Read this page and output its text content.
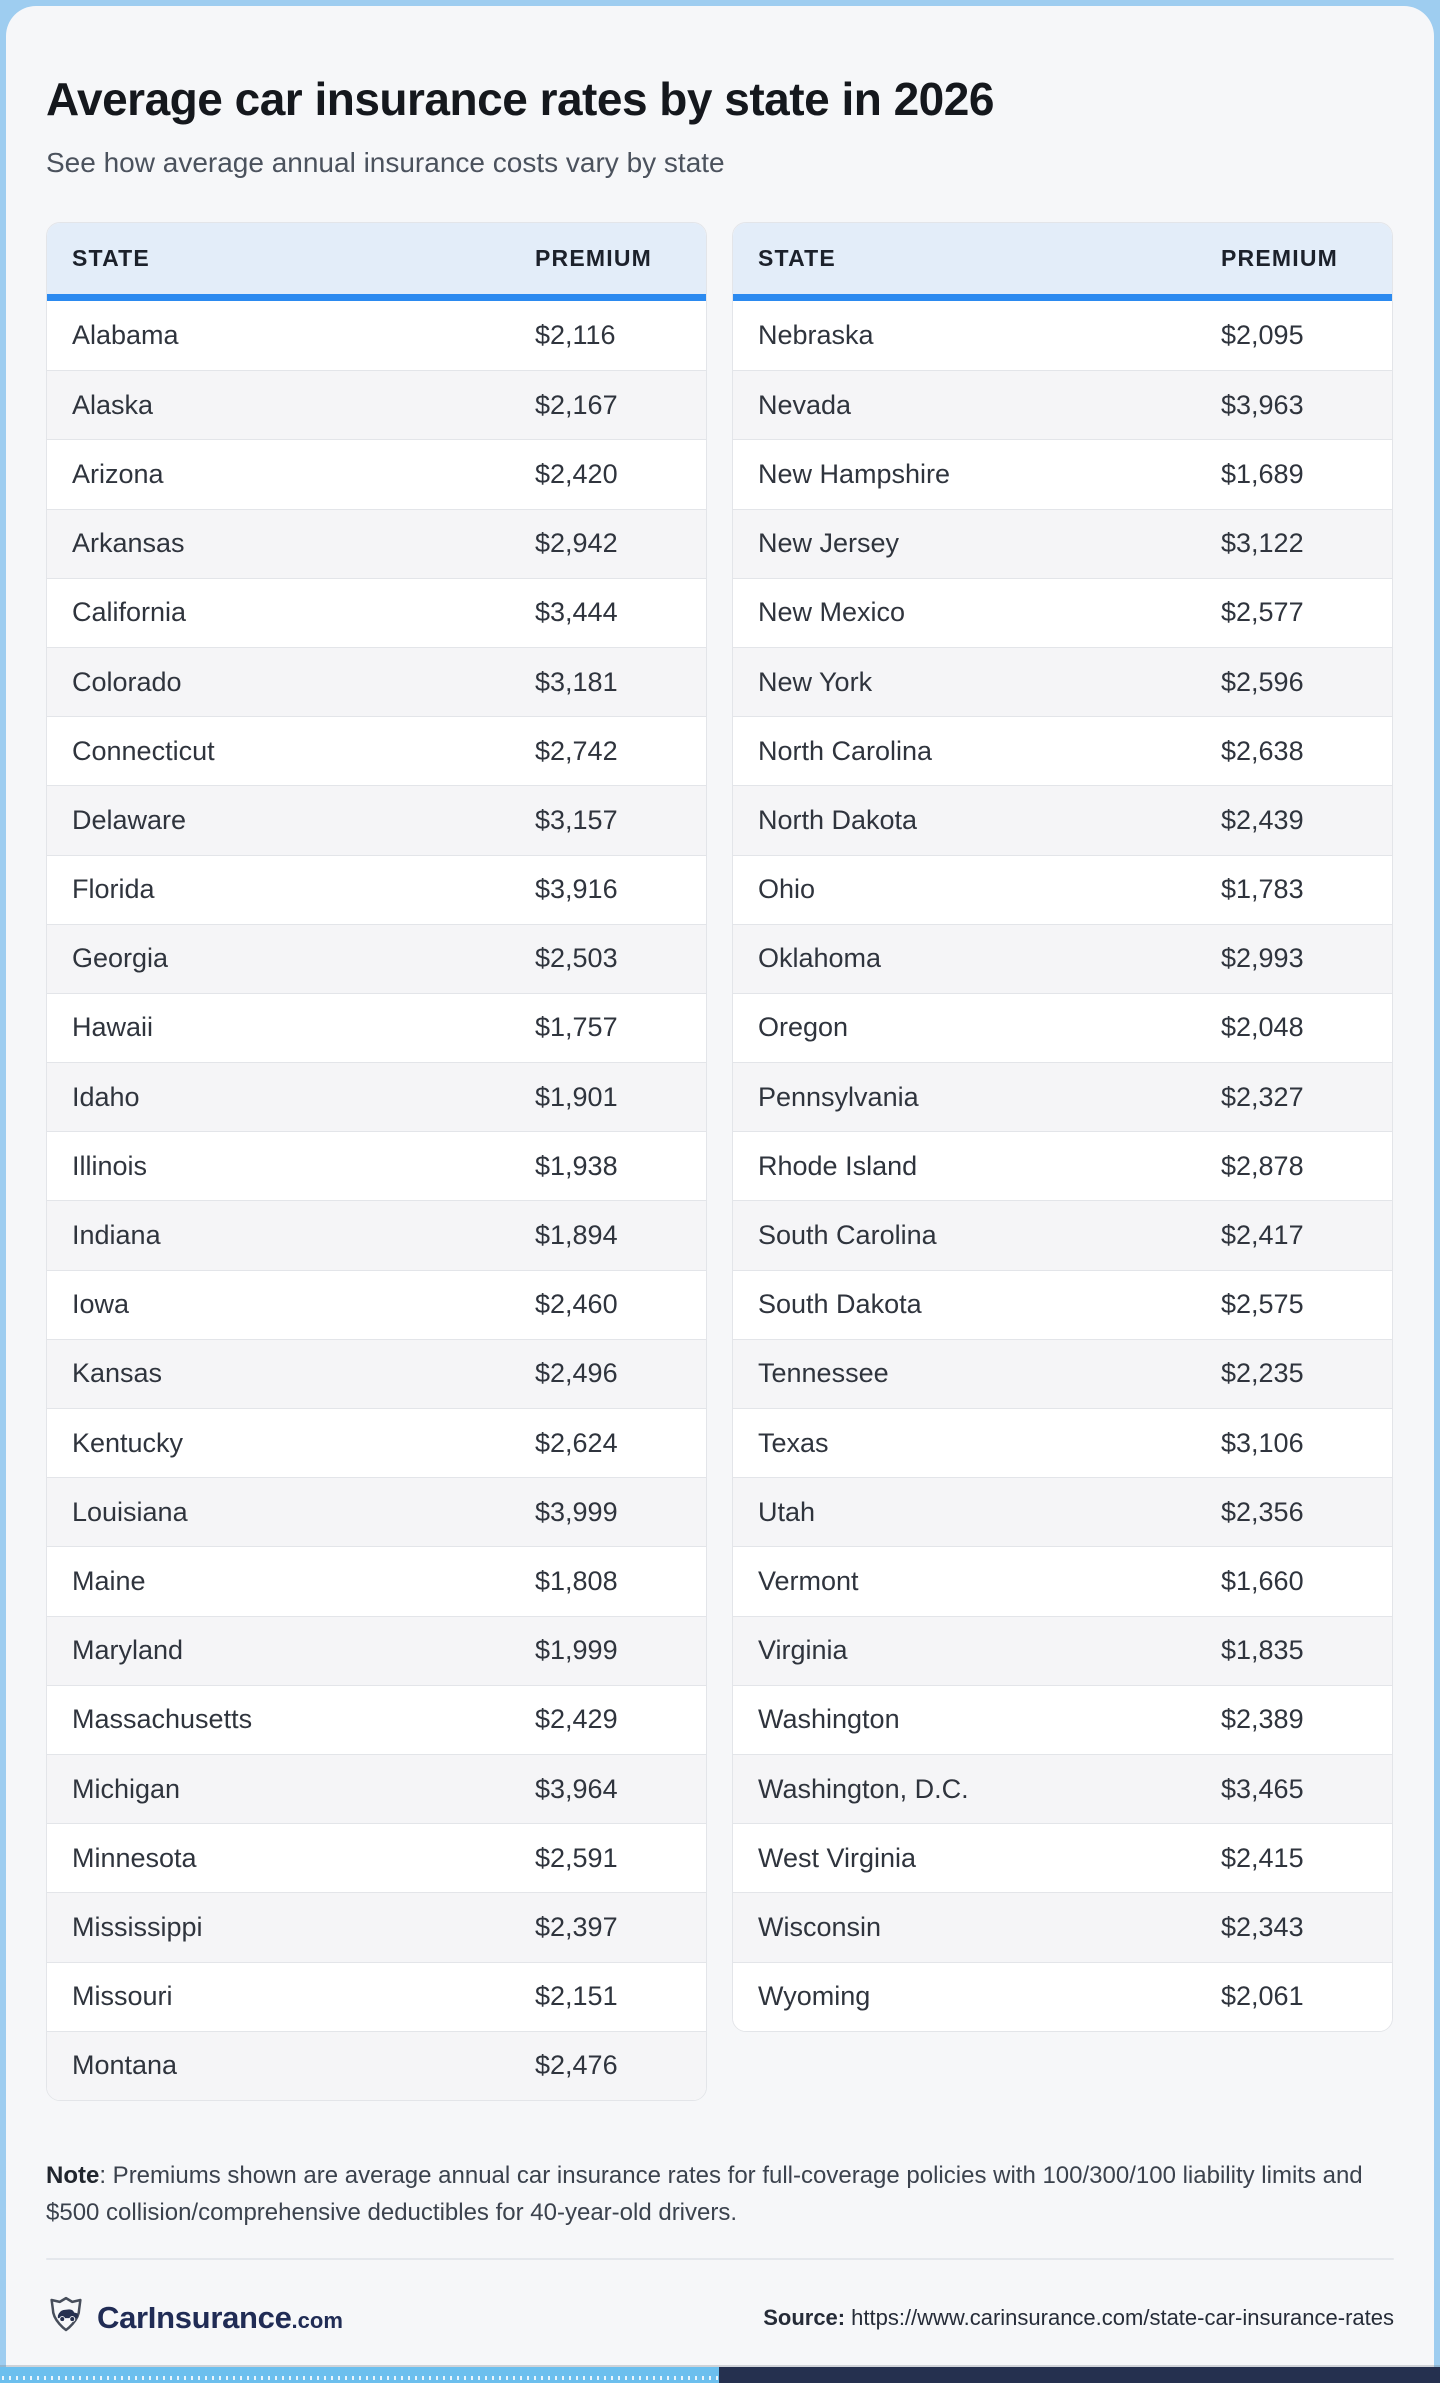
Average car insurance rates by state in 2026

See how average annual insurance costs vary by state

STATE	PREMIUM
Alabama	$2,116
Alaska	$2,167
Arizona	$2,420
Arkansas	$2,942
California	$3,444
Colorado	$3,181
Connecticut	$2,742
Delaware	$3,157
Florida	$3,916
Georgia	$2,503
Hawaii	$1,757
Idaho	$1,901
Illinois	$1,938
Indiana	$1,894
Iowa	$2,460
Kansas	$2,496
Kentucky	$2,624
Louisiana	$3,999
Maine	$1,808
Maryland	$1,999
Massachusetts	$2,429
Michigan	$3,964
Minnesota	$2,591
Mississippi	$2,397
Missouri	$2,151
Montana	$2,476
STATE	PREMIUM
Nebraska	$2,095
Nevada	$3,963
New Hampshire	$1,689
New Jersey	$3,122
New Mexico	$2,577
New York	$2,596
North Carolina	$2,638
North Dakota	$2,439
Ohio	$1,783
Oklahoma	$2,993
Oregon	$2,048
Pennsylvania	$2,327
Rhode Island	$2,878
South Carolina	$2,417
South Dakota	$2,575
Tennessee	$2,235
Texas	$3,106
Utah	$2,356
Vermont	$1,660
Virginia	$1,835
Washington	$2,389
Washington, D.C.	$3,465
West Virginia	$2,415
Wisconsin	$2,343
Wyoming	$2,061

Note: Premiums shown are average annual car insurance rates for full-coverage policies with 100/300/100 liability limits and $500 collision/comprehensive deductibles for 40-year-old drivers.

CarInsurance .com	Source: https://www.carinsurance.com/state-car-insurance-rates
